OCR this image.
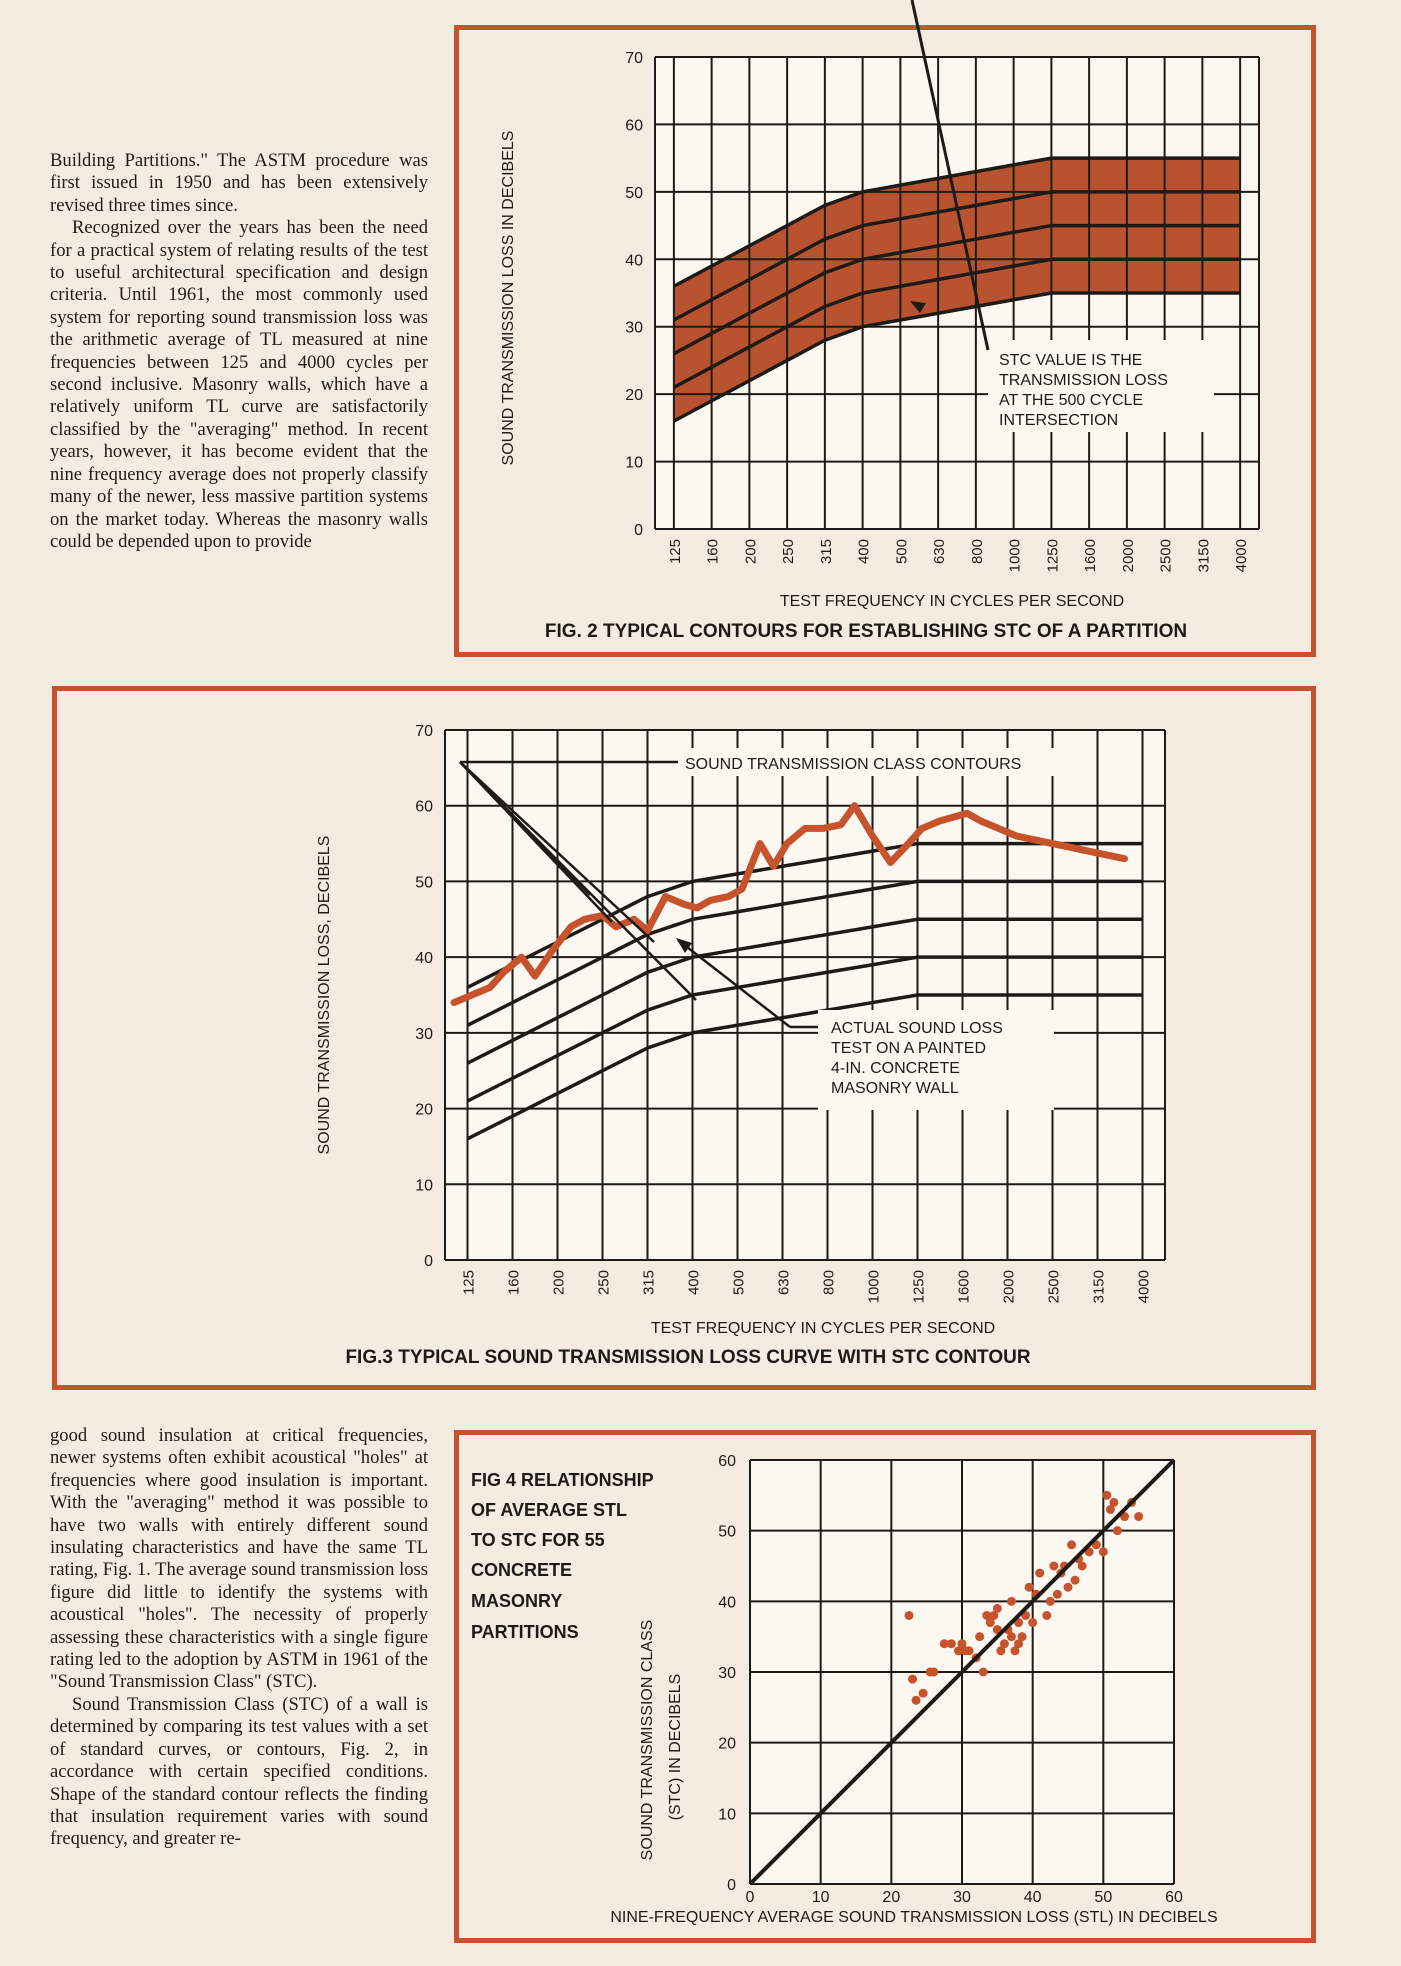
Building Partitions." The ASTM procedure was first issued in 1950 and has been extensively revised three times since.

Recognized over the years has been the need for a practical system of relating results of the test to useful architectural specification and design criteria. Until 1961, the most commonly used system for reporting sound transmission loss was the arithmetic average of TL measured at nine frequencies between 125 and 4000 cycles per second inclusive. Masonry walls, which have a relatively uniform TL curve are satisfactorily classified by the "averaging" method. In recent years, however, it has become evident that the nine frequency average does not properly classify many of the newer, less massive partition systems on the market today. Whereas the masonry walls could be depended upon to provide

good sound insulation at critical frequencies, newer systems often exhibit acoustical "holes" at frequencies where good insulation is important. With the "averaging" method it was possible to have two walls with entirely different sound insulating characteristics and have the same TL rating, Fig. 1. The average sound transmission loss figure did little to identify the systems with acoustical "holes". The necessity of properly assessing these characteristics with a single figure rating led to the adoption by ASTM in 1961 of the "Sound Transmission Class" (STC).

Sound Transmission Class (STC) of a wall is determined by comparing its test values with a set of standard curves, or contours, Fig. 2, in accordance with certain specified conditions. Shape of the standard contour reflects the finding that insulation requirement varies with sound frequency, and greater re-

0
10
20
30
40
50
60
70
125 160 200 250 315 400 500 630 800 1000 1250 1600 2000 2500 3150 4000
SOUND TRANSMISSION LOSS IN DECIBELS
TEST FREQUENCY IN CYCLES PER SECOND
FIG. 2 TYPICAL CONTOURS FOR ESTABLISHING STC OF A PARTITION
STC VALUE IS THE
TRANSMISSION LOSS
AT THE 500 CYCLE
INTERSECTION
0
10
20
30
40
50
60
70
125 160 200 250 315 400 500 630 800 1000 1250 1600 2000 2500 3150 4000
SOUND TRANSMISSION LOSS, DECIBELS
TEST FREQUENCY IN CYCLES PER SECOND
FIG.3 TYPICAL SOUND TRANSMISSION LOSS CURVE WITH STC CONTOUR
SOUND TRANSMISSION CLASS CONTOURS
ACTUAL SOUND LOSS
TEST ON A PAINTED
4-IN. CONCRETE
MASONRY WALL
0
10
20
30
40
50
60
0	10	20	30	40	50	60
FIG 4 RELATIONSHIP OF AVERAGE STL TO STC FOR 55 CONCRETE MASONRY PARTITIONS	SOUND TRANSMISSION CLASS (STC) IN DECIBELS
NINE-FREQUENCY AVERAGE SOUND TRANSMISSION LOSS (STL) IN DECIBELS
